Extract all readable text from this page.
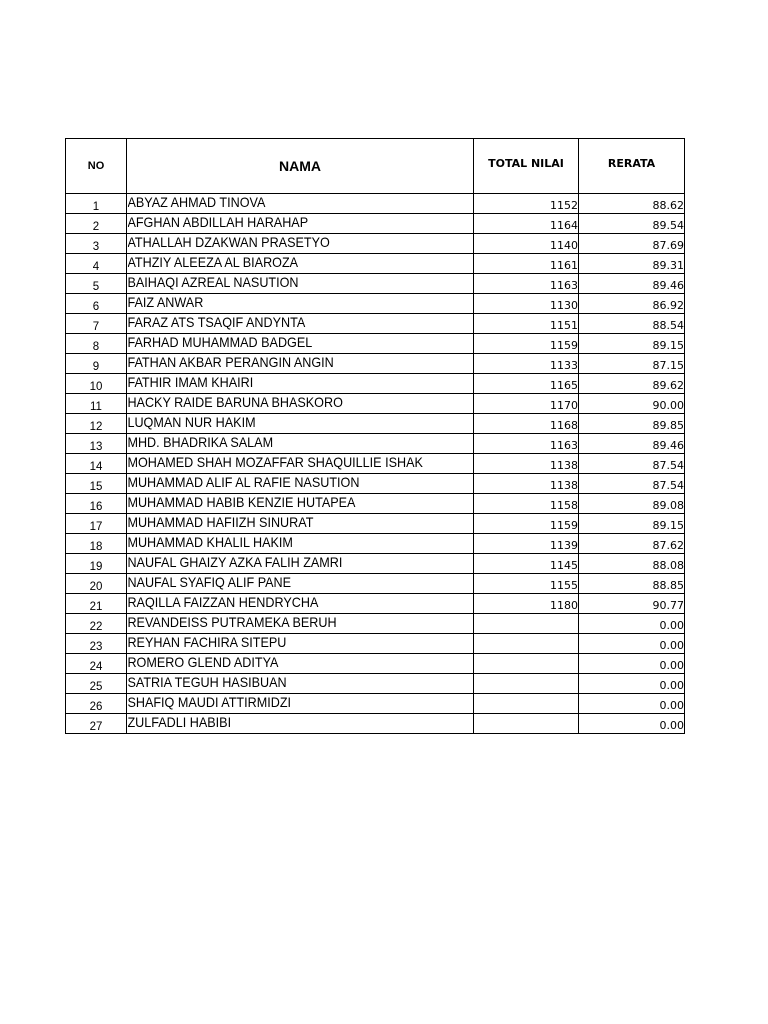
NO	NAMA	TOTAL NILAI	RERATA
1	ABYAZ AHMAD TINOVA	1152	88.62
2	AFGHAN ABDILLAH HARAHAP	1164	89.54
3	ATHALLAH DZAKWAN PRASETYO	1140	87.69
4	ATHZIY ALEEZA AL BIAROZA	1161	89.31
5	BAIHAQI AZREAL NASUTION	1163	89.46
6	FAIZ ANWAR	1130	86.92
7	FARAZ ATS TSAQIF ANDYNTA	1151	88.54
8	FARHAD MUHAMMAD BADGEL	1159	89.15
9	FATHAN AKBAR PERANGIN ANGIN	1133	87.15
10	FATHIR IMAM KHAIRI	1165	89.62
11	HACKY RAIDE BARUNA BHASKORO	1170	90.00
12	LUQMAN NUR HAKIM	1168	89.85
13	MHD. BHADRIKA SALAM	1163	89.46
14	MOHAMED SHAH MOZAFFAR SHAQUILLIE ISHAK	1138	87.54
15	MUHAMMAD ALIF AL RAFIE NASUTION	1138	87.54
16	MUHAMMAD HABIB KENZIE HUTAPEA	1158	89.08
17	MUHAMMAD HAFIIZH SINURAT	1159	89.15
18	MUHAMMAD KHALIL HAKIM	1139	87.62
19	NAUFAL GHAIZY AZKA FALIH ZAMRI	1145	88.08
20	NAUFAL SYAFIQ ALIF PANE	1155	88.85
21	RAQILLA FAIZZAN HENDRYCHA	1180	90.77
22	REVANDEISS PUTRAMEKA BERUH		0.00
23	REYHAN FACHIRA SITEPU		0.00
24	ROMERO GLEND ADITYA		0.00
25	SATRIA TEGUH HASIBUAN		0.00
26	SHAFIQ MAUDI ATTIRMIDZI		0.00
27	ZULFADLI HABIBI		0.00
